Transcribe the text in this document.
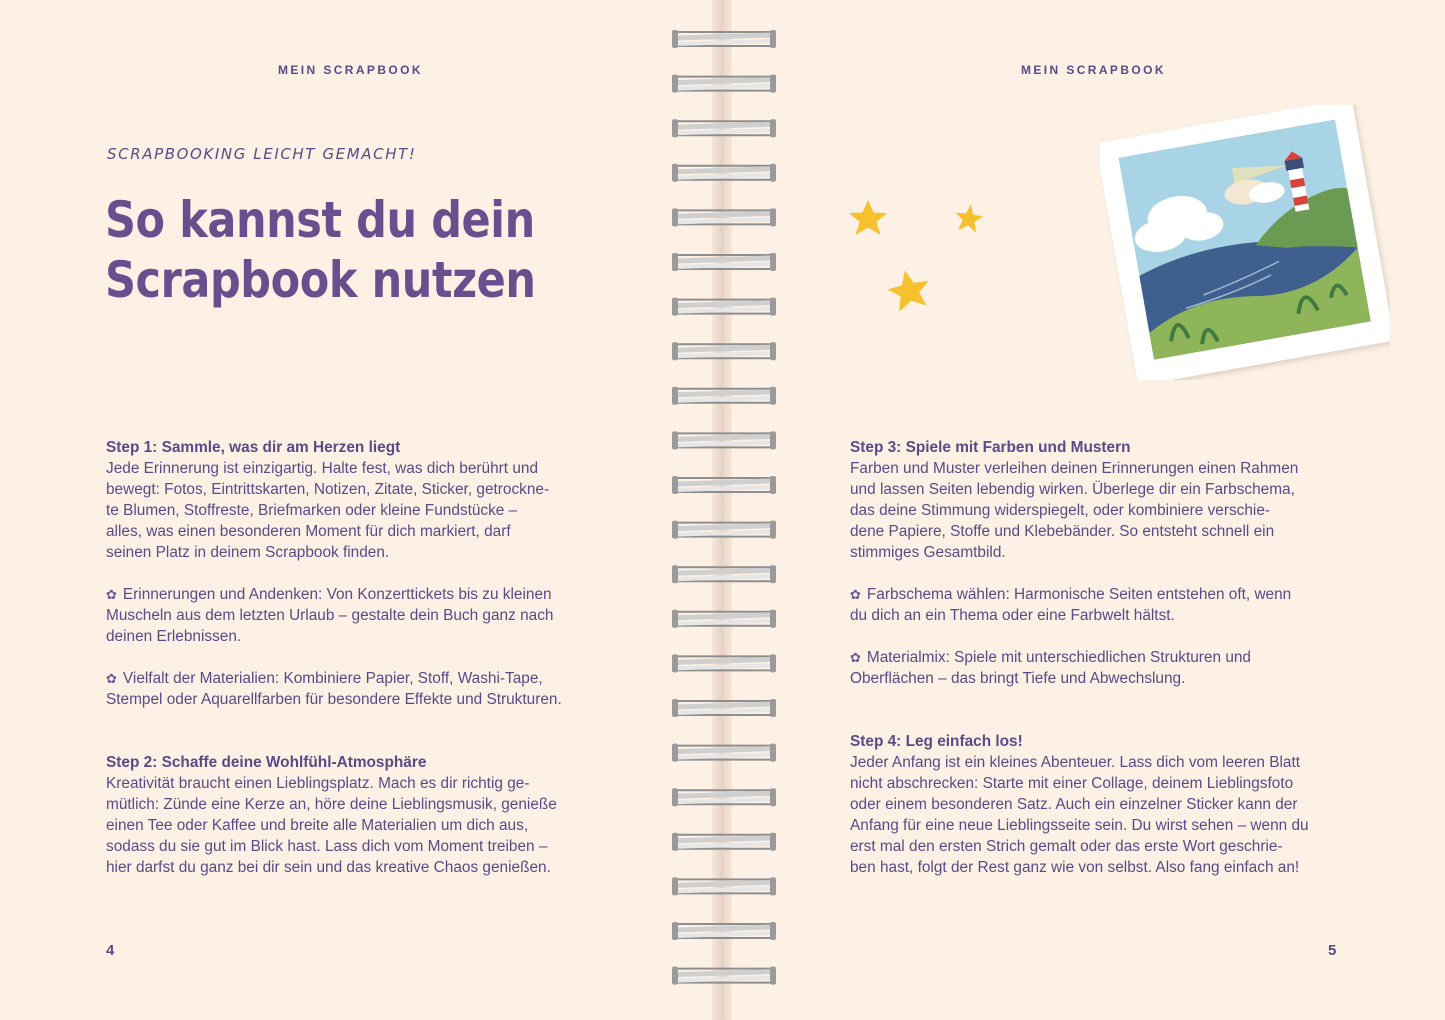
MEIN SCRAPBOOK
SCRAPBOOKING LEICHT GEMACHT!
So kannst du dein
Scrapbook nutzen
Step 1: Sammle, was dir am Herzen liegt

Jede Erinnerung ist einzigartig. Halte fest, was dich berührt und
bewegt: Fotos, Eintrittskarten, Notizen, Zitate, Sticker, getrockne-
te Blumen, Stoffreste, Briefmarken oder kleine Fundstücke –
alles, was einen besonderen Moment für dich markiert, darf
seinen Platz in deinem Scrapbook finden.

✿ Erinnerungen und Andenken: Von Konzerttickets bis zu kleinen
Muscheln aus dem letzten Urlaub – gestalte dein Buch ganz nach
deinen Erlebnissen.

✿ Vielfalt der Materialien: Kombiniere Papier, Stoff, Washi-Tape,
Stempel oder Aquarellfarben für besondere Effekte und Strukturen.

Step 2: Schaffe deine Wohlfühl-Atmosphäre

Kreativität braucht einen Lieblingsplatz. Mach es dir richtig ge-
mütlich: Zünde eine Kerze an, höre deine Lieblingsmusik, genieße
einen Tee oder Kaffee und breite alle Materialien um dich aus,
sodass du sie gut im Blick hast. Lass dich vom Moment treiben –
hier darfst du ganz bei dir sein und das kreative Chaos genießen.

4
MEIN SCRAPBOOK
Step 3: Spiele mit Farben und Mustern

Farben und Muster verleihen deinen Erinnerungen einen Rahmen
und lassen Seiten lebendig wirken. Überlege dir ein Farbschema,
das deine Stimmung widerspiegelt, oder kombiniere verschie-
dene Papiere, Stoffe und Klebebänder. So entsteht schnell ein
stimmiges Gesamtbild.

✿ Farbschema wählen: Harmonische Seiten entstehen oft, wenn
du dich an ein Thema oder eine Farbwelt hältst.

✿ Materialmix: Spiele mit unterschiedlichen Strukturen und
Oberflächen – das bringt Tiefe und Abwechslung.

Step 4: Leg einfach los!

Jeder Anfang ist ein kleines Abenteuer. Lass dich vom leeren Blatt
nicht abschrecken: Starte mit einer Collage, deinem Lieblingsfoto
oder einem besonderen Satz. Auch ein einzelner Sticker kann der
Anfang für eine neue Lieblingsseite sein. Du wirst sehen – wenn du
erst mal den ersten Strich gemalt oder das erste Wort geschrie-
ben hast, folgt der Rest ganz wie von selbst. Also fang einfach an!

5
